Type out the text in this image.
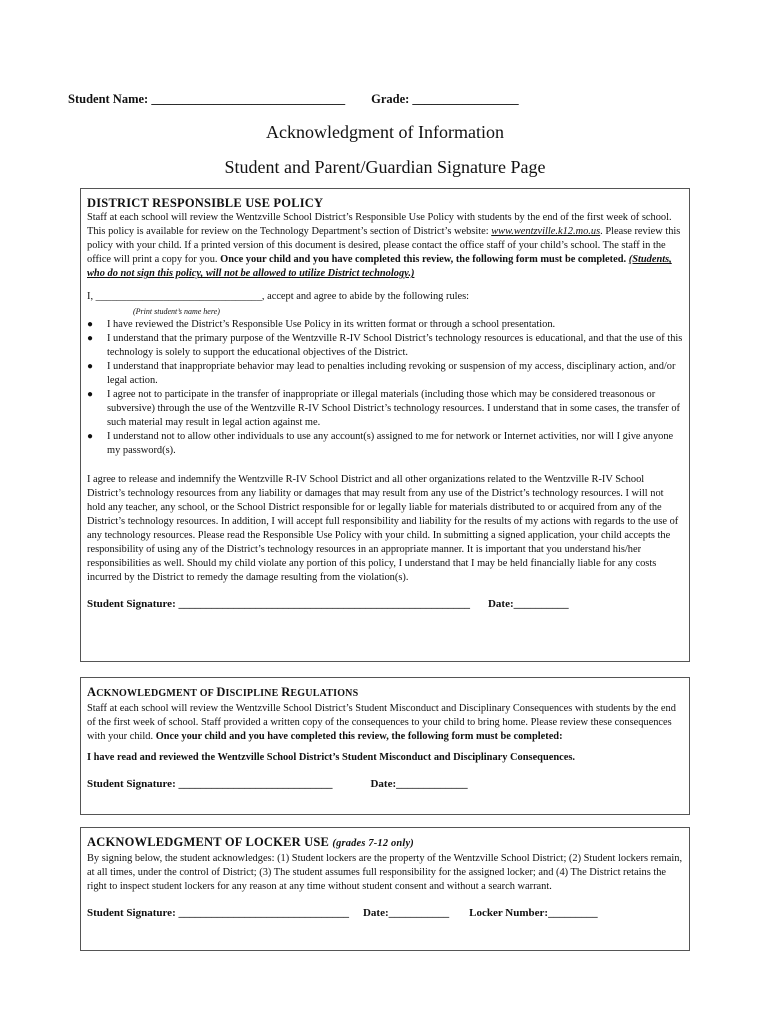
Student Name: _______________________________ Grade: _________________
Acknowledgment of Information
Student and Parent/Guardian Signature Page
DISTRICT RESPONSIBLE USE POLICY

Staff at each school will review the Wentzville School District’s Responsible Use Policy with students by the end of the first week of school. This policy is available for review on the Technology Department’s section of District’s website: www.wentzville.k12.mo.us. Please review this policy with your child. If a printed version of this document is desired, please contact the office staff of your child’s school. The staff in the office will print a copy for you. Once your child and you have completed this review, the following form must be completed. (Students, who do not sign this policy, will not be allowed to utilize District technology.)

I, ________________________________, accept and agree to abide by the following rules:

(Print student’s name here)
● I have reviewed the District’s Responsible Use Policy in its written format or through a school presentation.
● I understand that the primary purpose of the Wentzville R-IV School District’s technology resources is educational, and that the use of this technology is solely to support the educational objectives of the District.
● I understand that inappropriate behavior may lead to penalties including revoking or suspension of my access, disciplinary action, and/or legal action.
● I agree not to participate in the transfer of inappropriate or illegal materials (including those which may be considered treasonous or subversive) through the use of the Wentzville R-IV School District’s technology resources. I understand that in some cases, the transfer of such material may result in legal action against me.
● I understand not to allow other individuals to use any account(s) assigned to me for network or Internet activities, nor will I give anyone my password(s).

I agree to release and indemnify the Wentzville R-IV School District and all other organizations related to the Wentzville R-IV School District’s technology resources from any liability or damages that may result from any use of the District’s technology resources. I will not hold any teacher, any school, or the School District responsible for or legally liable for materials distributed to or acquired from any of the District’s technology resources. In addition, I will accept full responsibility and liability for the results of my actions with regards to the use of any technology resources. Please read the Responsible Use Policy with your child. In submitting a signed application, your child accepts the responsibility of using any of the District’s technology resources in an appropriate manner. It is important that you understand his/her responsibilities as well. Should my child violate any portion of this policy, I understand that I may be held financially liable for any costs incurred by the District to remedy the damage resulting from the violation(s).

Student Signature: _____________________________________________________ Date:__________
ACKNOWLEDGMENT OF DISCIPLINE REGULATIONS

Staff at each school will review the Wentzville School District’s Student Misconduct and Disciplinary Consequences with students by the end of the first week of school. Staff provided a written copy of the consequences to your child to bring home. Please review these consequences with your child. Once your child and you have completed this review, the following form must be completed:

I have read and reviewed the Wentzville School District’s Student Misconduct and Disciplinary Consequences.

Student Signature: ____________________________	Date:_____________
ACKNOWLEDGMENT OF LOCKER USE (grades 7-12 only)

By signing below, the student acknowledges: (1) Student lockers are the property of the Wentzville School District; (2) Student lockers remain, at all times, under the control of District; (3) The student assumes full responsibility for the assigned locker; and (4) The District retains the right to inspect student lockers for any reason at any time without student consent and without a search warrant.

Student Signature: _______________________________ Date:___________ Locker Number:_________
